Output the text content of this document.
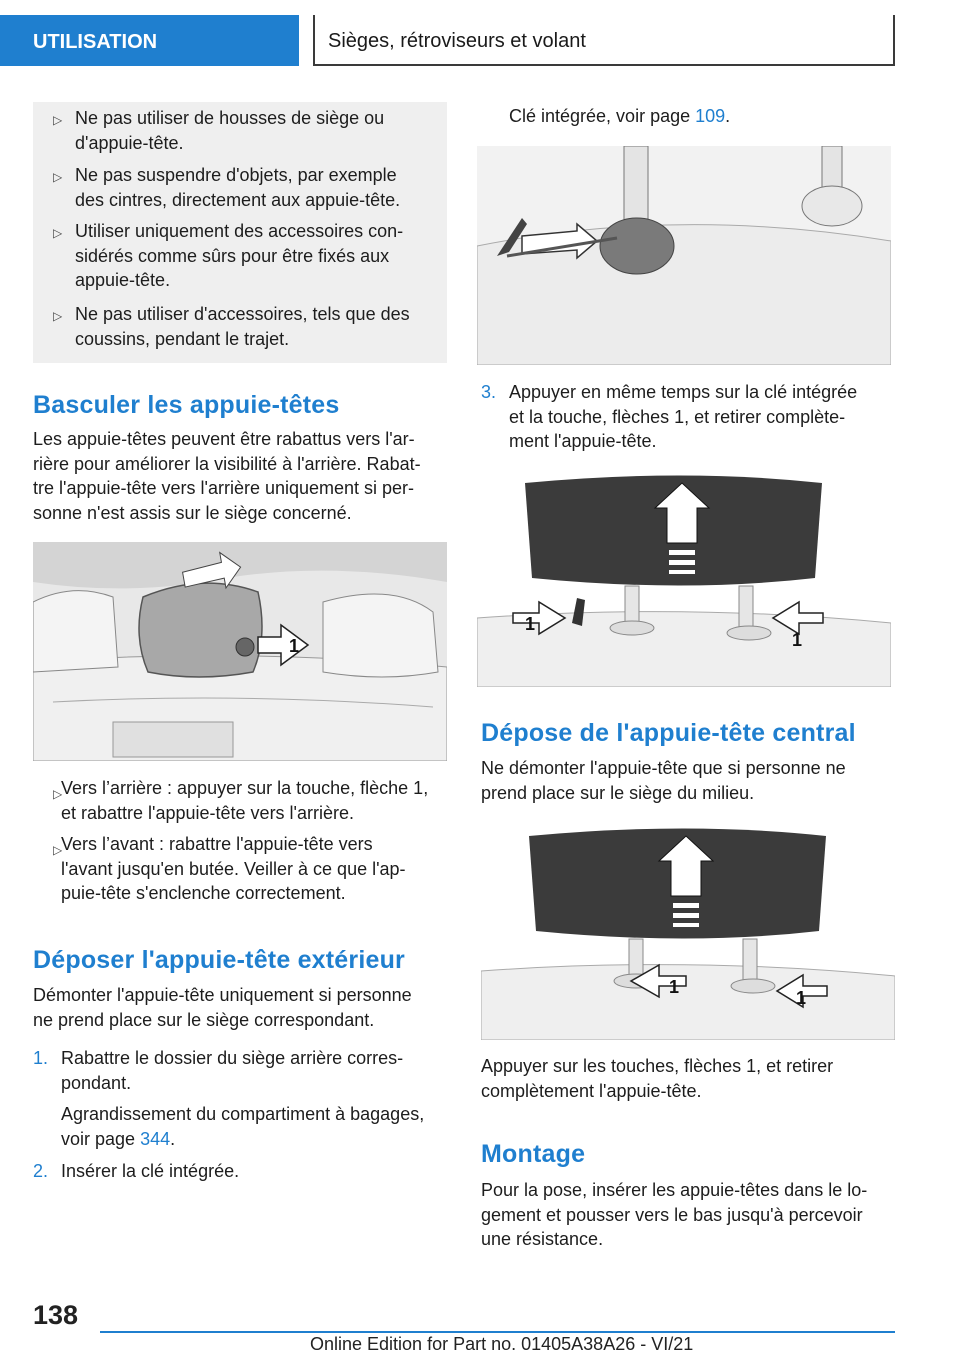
UTILISATION	Sièges, rétroviseurs et volant
▷ Ne pas utiliser de housses de siège ou
d'appuie-tête.
▷ Ne pas suspendre d'objets, par exemple
des cintres, directement aux appuie-tête.
▷ Utiliser uniquement des accessoires con-
sidérés comme sûrs pour être fixés aux
appuie-tête.
▷ Ne pas utiliser d'accessoires, tels que des
coussins, pendant le trajet.
Basculer les appuie-têtes
Les appuie-têtes peuvent être rabattus vers l'ar-
rière pour améliorer la visibilité à l'arrière. Rabat-
tre l'appuie-tête vers l'arrière uniquement si per-
sonne n'est assis sur le siège concerné.
1
▷
Vers l’arrière : appuyer sur la touche, flèche 1,
et rabattre l'appuie-tête vers l'arrière.
▷
Vers l’avant : rabattre l'appuie-tête vers
l'avant jusqu'en butée. Veiller à ce que l'ap-
puie-tête s'enclenche correctement.
Déposer l'appuie-tête extérieur
Démonter l'appuie-tête uniquement si personne
ne prend place sur le siège correspondant.
1. Rabattre le dossier du siège arrière corres-
pondant.
Agrandissement du compartiment à bagages,
voir page 344.
2. Insérer la clé intégrée.
Clé intégrée, voir page 109.
3. Appuyer en même temps sur la clé intégrée
et la touche, flèches 1, et retirer complète-
ment l'appuie-tête.
1
1
Dépose de l'appuie-tête central
Ne démonter l'appuie-tête que si personne ne
prend place sur le siège du milieu.
1
1
Appuyer sur les touches, flèches 1, et retirer
complètement l'appuie-tête.
Montage
Pour la pose, insérer les appuie-têtes dans le lo-
gement et pousser vers le bas jusqu'à percevoir
une résistance.
138
Online Edition for Part no. 01405A38A26 - VI/21
